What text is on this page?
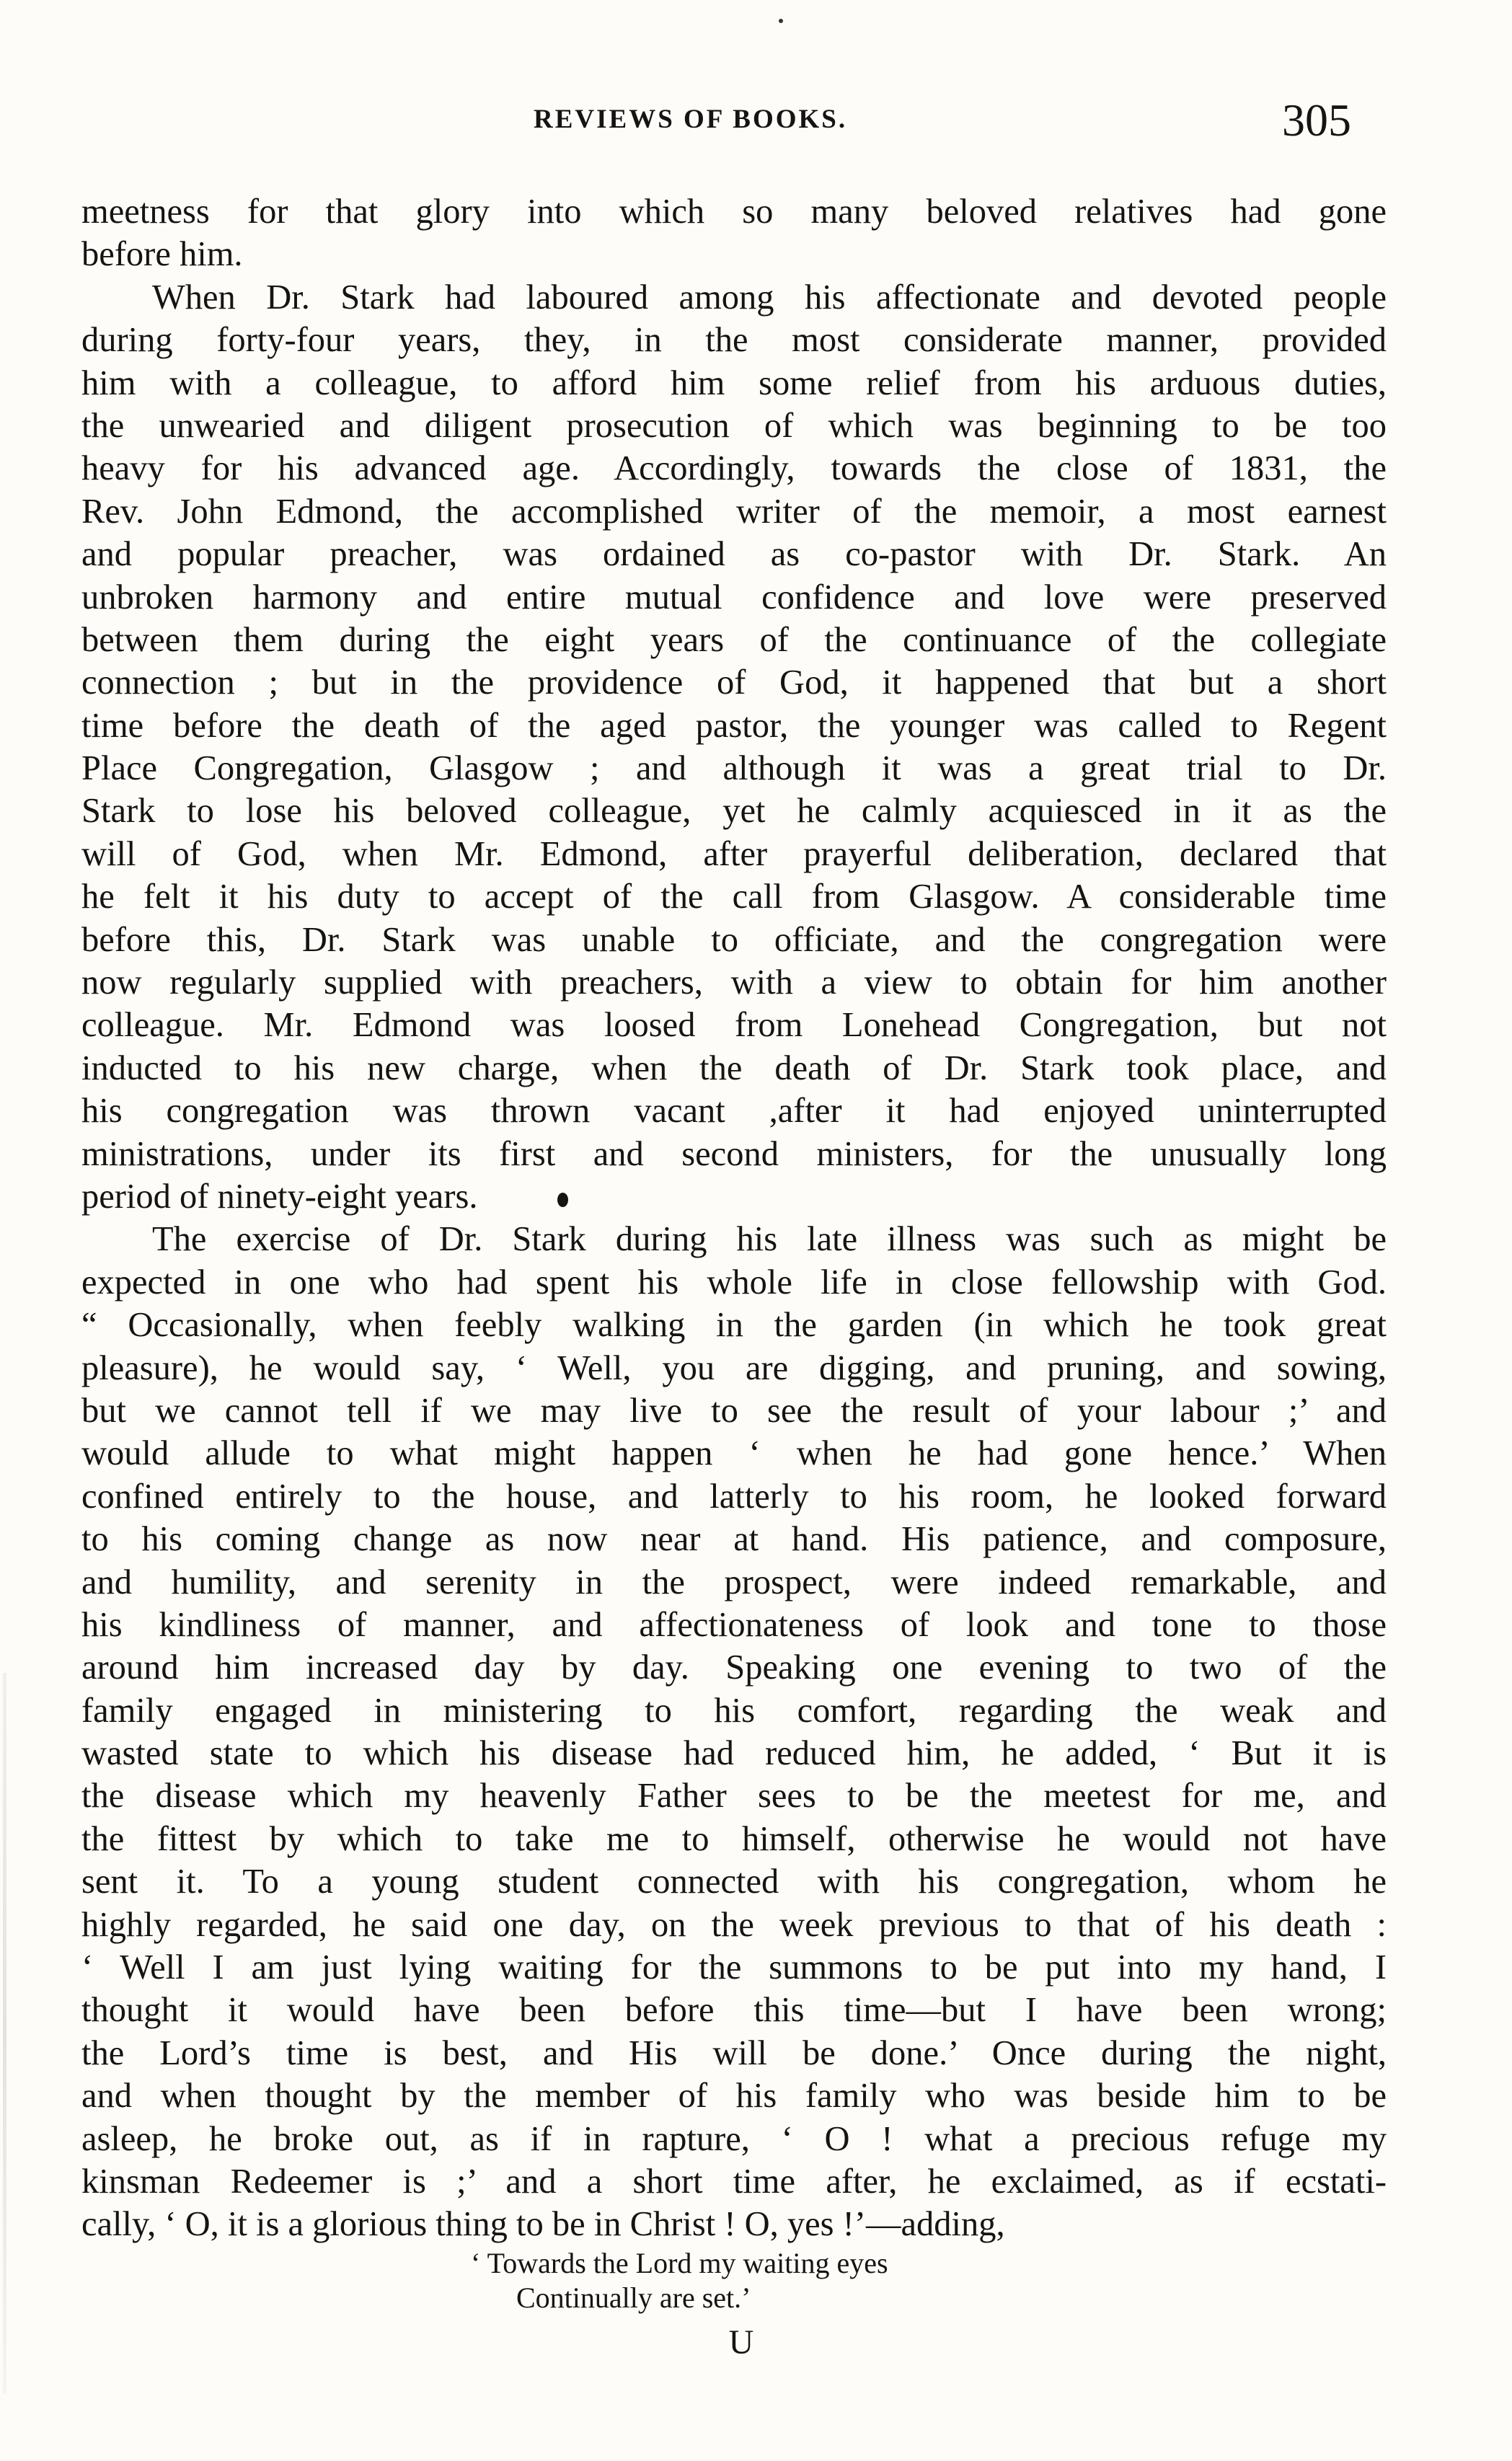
REVIEWS OF BOOKS.	305
meetness for that glory into which so many beloved relatives had gone
before him.
When Dr. Stark had laboured among his affectionate and devoted people
during forty-four years, they, in the most considerate manner, provided
him with a colleague, to afford him some relief from his arduous duties,
the unwearied and diligent prosecution of which was beginning to be too
heavy for his advanced age. Accordingly, towards the close of 1831, the
Rev. John Edmond, the accomplished writer of the memoir, a most earnest
and popular preacher, was ordained as co-pastor with Dr. Stark. An
unbroken harmony and entire mutual confidence and love were preserved
between them during the eight years of the continuance of the collegiate
connection ; but in the providence of God, it happened that but a short
time before the death of the aged pastor, the younger was called to Regent
Place Congregation, Glasgow ; and although it was a great trial to Dr.
Stark to lose his beloved colleague, yet he calmly acquiesced in it as the
will of God, when Mr. Edmond, after prayerful deliberation, declared that
he felt it his duty to accept of the call from Glasgow. A considerable time
before this, Dr. Stark was unable to officiate, and the congregation were
now regularly supplied with preachers, with a view to obtain for him another
colleague. Mr. Edmond was loosed from Lonehead Congregation, but not
inducted to his new charge, when the death of Dr. Stark took place, and
his congregation was thrown vacant ,after it had enjoyed uninterrupted
ministrations, under its first and second ministers, for the unusually long
period of ninety-eight years.
The exercise of Dr. Stark during his late illness was such as might be
expected in one who had spent his whole life in close fellowship with God.
“ Occasionally, when feebly walking in the garden (in which he took great
pleasure), he would say, ‘ Well, you are digging, and pruning, and sowing,
but we cannot tell if we may live to see the result of your labour ;’ and
would allude to what might happen ‘ when he had gone hence.’ When
confined entirely to the house, and latterly to his room, he looked forward
to his coming change as now near at hand. His patience, and composure,
and humility, and serenity in the prospect, were indeed remarkable, and
his kindliness of manner, and affectionateness of look and tone to those
around him increased day by day. Speaking one evening to two of the
family engaged in ministering to his comfort, regarding the weak and
wasted state to which his disease had reduced him, he added, ‘ But it is
the disease which my heavenly Father sees to be the meetest for me, and
the fittest by which to take me to himself, otherwise he would not have
sent it. To a young student connected with his congregation, whom he
highly regarded, he said one day, on the week previous to that of his death :
‘ Well I am just lying waiting for the summons to be put into my hand, I
thought it would have been before this time—but I have been wrong;
the Lord’s time is best, and His will be done.’ Once during the night,
and when thought by the member of his family who was beside him to be
asleep, he broke out, as if in rapture, ‘ O ! what a precious refuge my
kinsman Redeemer is ;’ and a short time after, he exclaimed, as if ecstati-
cally, ‘ O, it is a glorious thing to be in Christ ! O, yes !’—adding,
‘ Towards the Lord my waiting eyes
Continually are set.’
U
